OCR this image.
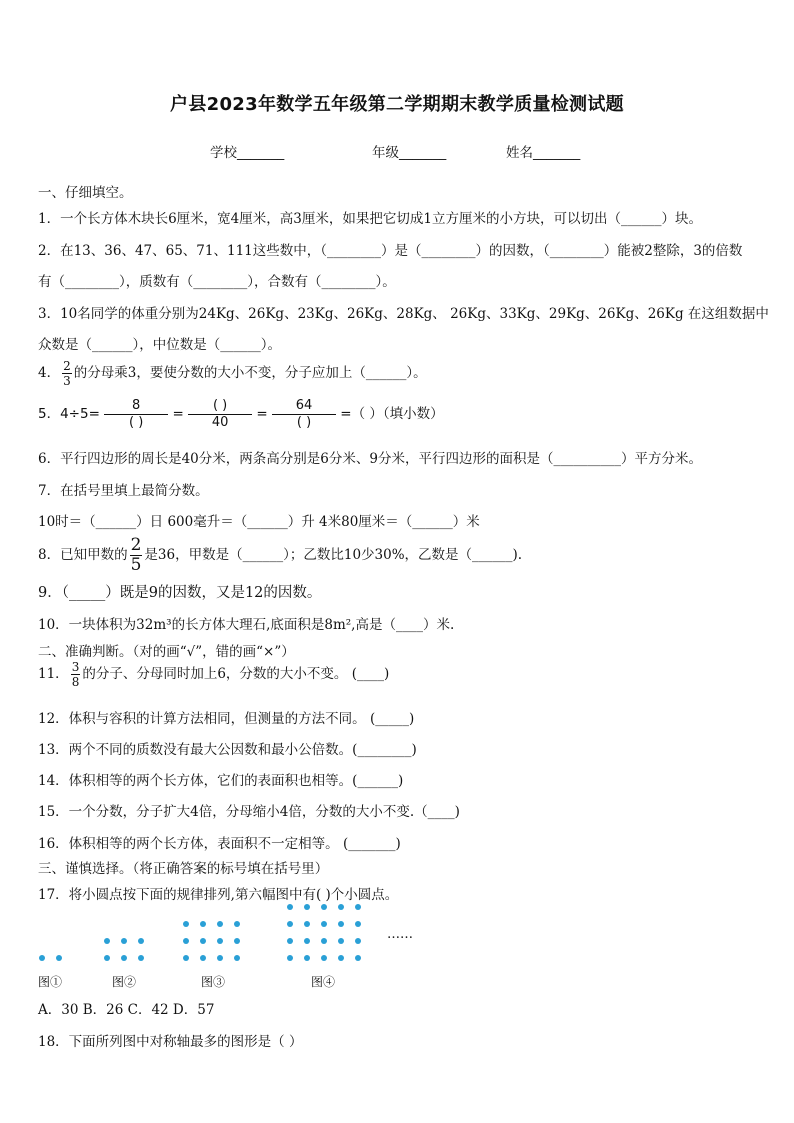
户县2023年数学五年级第二学期期末教学质量检测试题
学校_______	年级_______	姓名_______
一、仔细填空。
1．一个长方体木块长6厘米，宽4厘米，高3厘米，如果把它切成1立方厘米的小方块，可以切出（______）块。
2．在13、36、47、65、71、111这些数中，（________）是（________）的因数，（________）能被2整除，3的倍数
有（________），质数有（________），合数有（________）。
3．10名同学的体重分别为24Kg、26Kg、23Kg、26Kg、28Kg、 26Kg、33Kg、29Kg、26Kg、26Kg 在这组数据中
众数是（______），中位数是（______）。
4． $\frac{2}{3}$ 的分母乘3，要使分数的大小不变，分子应加上（______）。
5．4÷5=
8
( ) =
( )
40 =
64
( ) =（ ）（填小数）
6．平行四边形的周长是40分米，两条高分别是6分米、9分米，平行四边形的面积是（__________）平方分米。
7．在括号里填上最简分数。
10时＝（______）日 600毫升＝（______）升 4米80厘米＝（______）米
8．已知甲数的 $\frac{2}{5}$ 是36，甲数是（______）；乙数比10少30%，乙数是（______).
9．（_____）既是9的因数，又是12的因数。
10．一块体积为32m³的长方体大理石,底面积是8m²,高是（____）米.
二、准确判断。（对的画“√”，错的画“×”）
11． $\frac{3}{8}$ 的分子、分母同时加上6，分数的大小不变。 (____)
12．体积与容积的计算方法相同，但测量的方法不同。 (_____)
13．两个不同的质数没有最大公因数和最小公倍数。(________)
14．体积相等的两个长方体，它们的表面积也相等。(______)
15．一个分数，分子扩大4倍，分母缩小4倍，分数的大小不变.（____)
16．体积相等的两个长方体，表面积不一定相等。 (_______)
三、谨慎选择。（将正确答案的标号填在括号里）
17．将小圆点按下面的规律排列,第六幅图中有( )个小圆点。
……
图①	图②	图③	图④
A．30 B．26 C．42 D．57
18．下面所列图中对称轴最多的图形是（ ）
